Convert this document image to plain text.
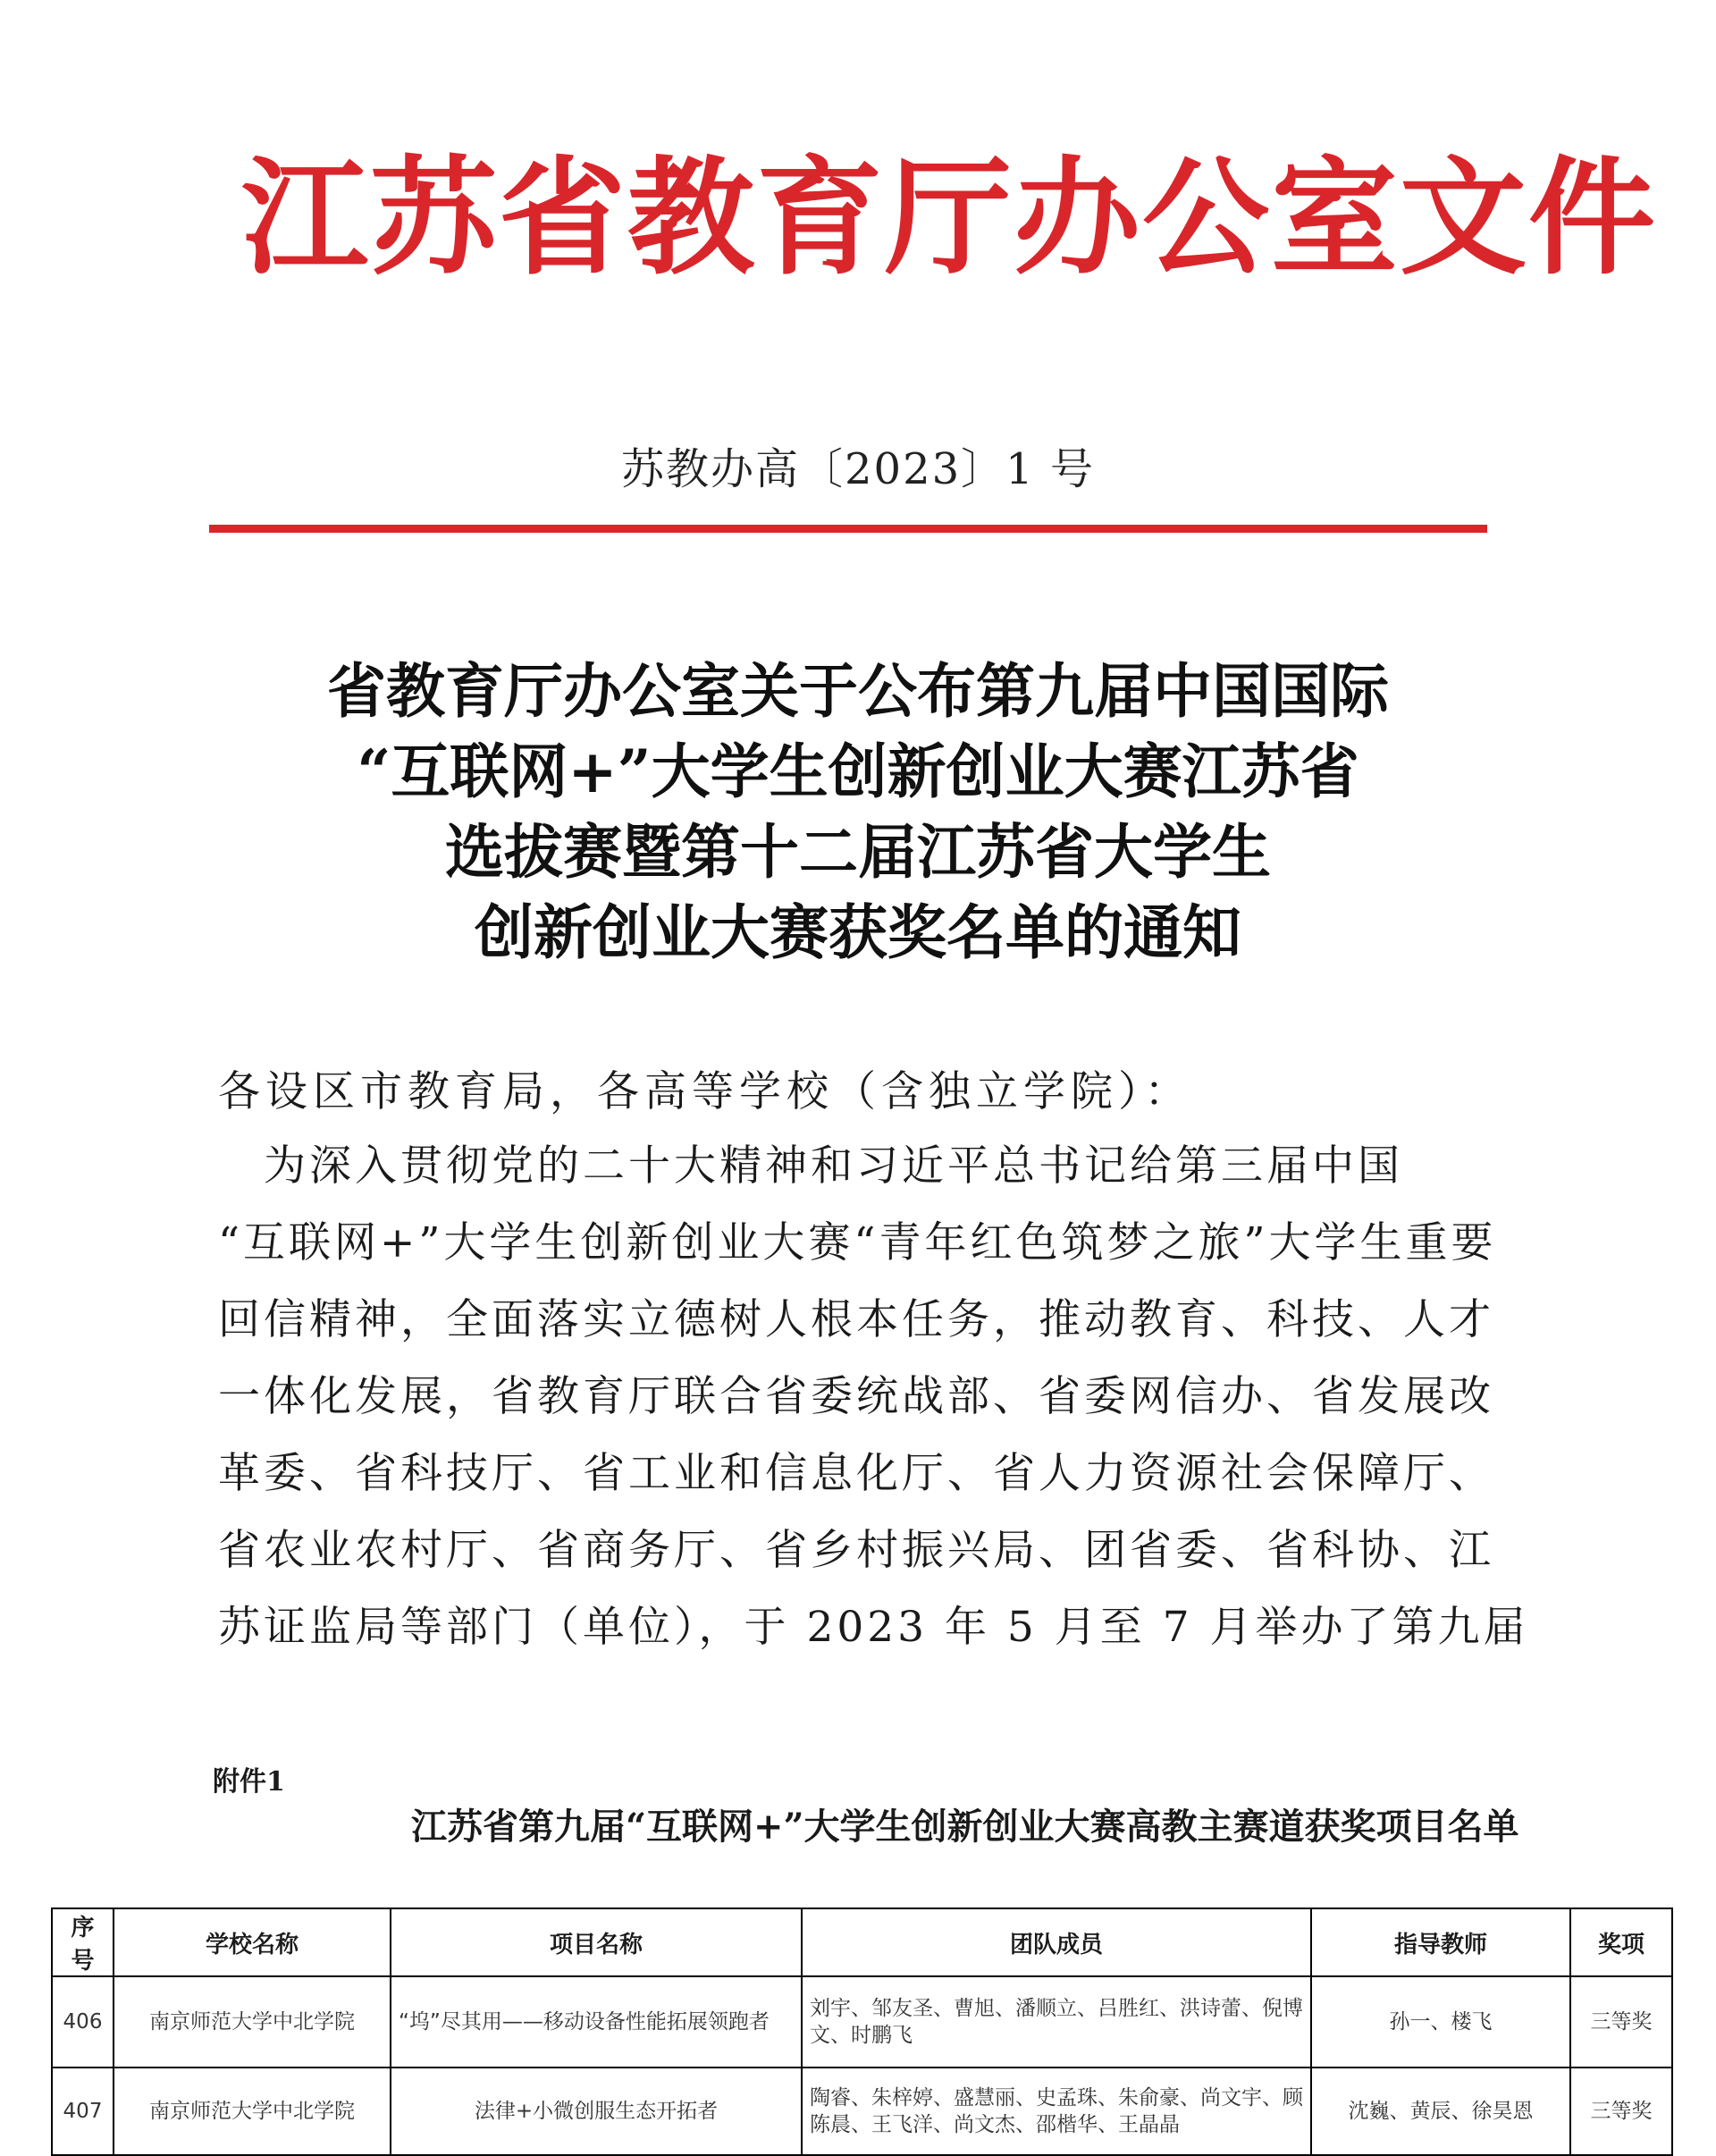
江苏省教育厅办公室文件
苏教办高〔2023〕1 号
省教育厅办公室关于公布第九届中国国际
“互联网+”大学生创新创业大赛江苏省
选拔赛暨第十二届江苏省大学生
创新创业大赛获奖名单的通知
各设区市教育局，各高等学校（含独立学院）：
　为深入贯彻党的二十大精神和习近平总书记给第三届中国
“互联网+”大学生创新创业大赛“青年红色筑梦之旅”大学生重要
回信精神，全面落实立德树人根本任务，推动教育、科技、人才
一体化发展，省教育厅联合省委统战部、省委网信办、省发展改
革委、省科技厅、省工业和信息化厅、省人力资源社会保障厅、
省农业农村厅、省商务厅、省乡村振兴局、团省委、省科协、江
苏证监局等部门（单位），于 2023 年 5 月至 7 月举办了第九届
附件1
江苏省第九届“互联网+”大学生创新创业大赛高教主赛道获奖项目名单
序号	学校名称	项目名称	团队成员	指导教师	奖项
406	南京师范大学中北学院	“坞”尽其用——移动设备性能拓展领跑者	刘宇、邹友圣、曹旭、潘顺立、吕胜红、洪诗蕾、倪博文、时鹏飞	孙一、楼飞	三等奖
407	南京师范大学中北学院	法律+小微创服生态开拓者	陶睿、朱梓婷、盛慧丽、史孟珠、朱俞豪、尚文宇、顾陈晨、王飞洋、尚文杰、邵楷华、王晶晶	沈巍、黄辰、徐昊恩	三等奖
